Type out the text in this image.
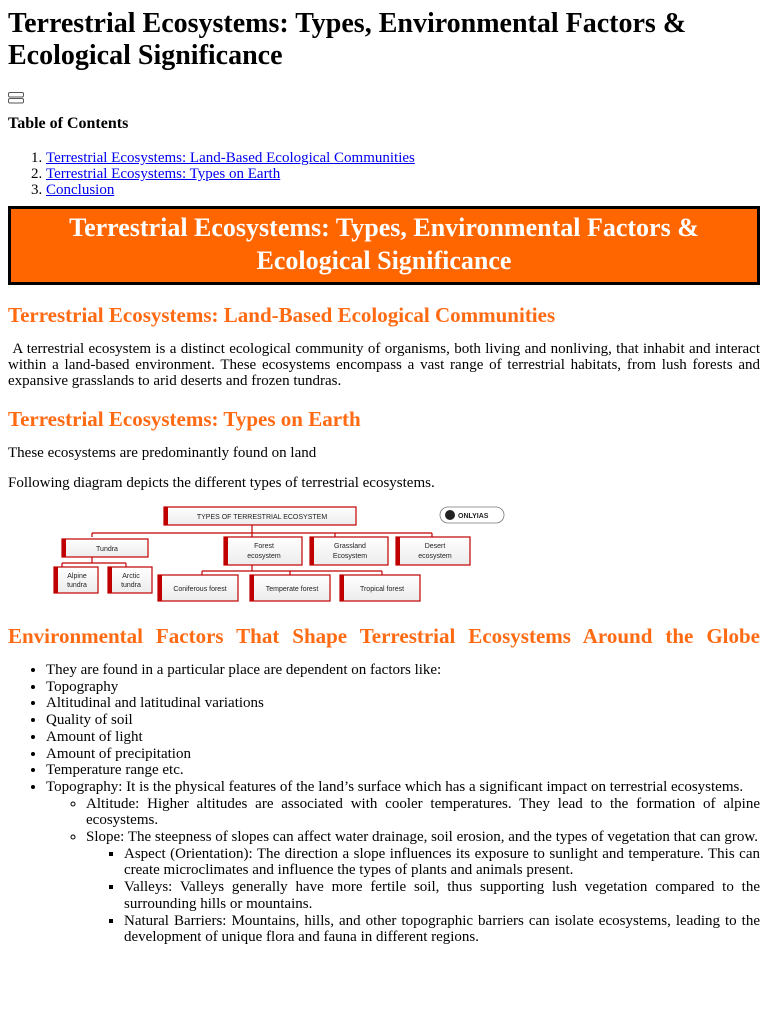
Terrestrial Ecosystems: Types, Environmental Factors & Ecological Significance
Table of Contents
1. Terrestrial Ecosystems: Land-Based Ecological Communities
2. Terrestrial Ecosystems: Types on Earth
3. Conclusion
Terrestrial Ecosystems: Types, Environmental Factors & Ecological Significance
Terrestrial Ecosystems: Land-Based Ecological Communities

A terrestrial ecosystem is a distinct ecological community of organisms, both living and nonliving, that inhabit and interact within a land-based environment. These ecosystems encompass a vast range of terrestrial habitats, from lush forests and expansive grasslands to arid deserts and frozen tundras.

Terrestrial Ecosystems: Types on Earth

These ecosystems are predominantly found on land

Following diagram depicts the different types of terrestrial ecosystems.

TYPES OF TERRESTRIAL ECOSYSTEM	ONLYIAS
Tundra	Forest
ecosystem
Grassland
Ecosystem
Desert
ecosystem
Alpine
tundra
Arctic
tundra
Coniferous forest	Temperate forest	Tropical forest
Environmental Factors That Shape Terrestrial Ecosystems Around the Globe
• They are found in a particular place are dependent on factors like:
• Topography
• Altitudinal and latitudinal variations
• Quality of soil
• Amount of light
• Amount of precipitation
• Temperature range etc.
• Topography: It is the physical features of the land’s surface which has a significant impact on terrestrial ecosystems.
◦ Altitude: Higher altitudes are associated with cooler temperatures. They lead to the formation of alpine ecosystems.
◦ Slope: The steepness of slopes can affect water drainage, soil erosion, and the types of vegetation that can grow.
▪ Aspect (Orientation): The direction a slope influences its exposure to sunlight and temperature. This can create microclimates and influence the types of plants and animals present.
▪ Valleys: Valleys generally have more fertile soil, thus supporting lush vegetation compared to the surrounding hills or mountains.
▪ Natural Barriers: Mountains, hills, and other topographic barriers can isolate ecosystems, leading to the development of unique flora and fauna in different regions.
